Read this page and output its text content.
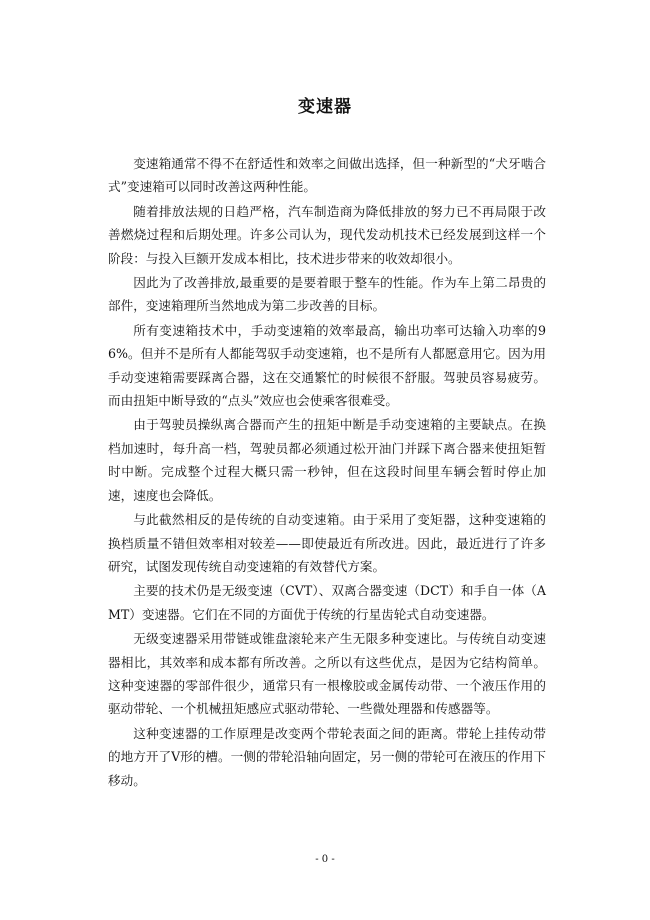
变速器

变速箱通常不得不在舒适性和效率之间做出选择，但一种新型的“犬牙啮合式”变速箱可以同时改善这两种性能。

随着排放法规的日趋严格，汽车制造商为降低排放的努力已不再局限于改善燃烧过程和后期处理。许多公司认为，现代发动机技术已经发展到这样一个阶段：与投入巨额开发成本相比，技术进步带来的收效却很小。

因此为了改善排放,最重要的是要着眼于整车的性能。作为车上第二昂贵的部件，变速箱理所当然地成为第二步改善的目标。

所有变速箱技术中，手动变速箱的效率最高，输出功率可达输入功率的96%。但并不是所有人都能驾驭手动变速箱，也不是所有人都愿意用它。因为用手动变速箱需要踩离合器，这在交通繁忙的时候很不舒服。驾驶员容易疲劳。而由扭矩中断导致的“点头”效应也会使乘客很难受。

由于驾驶员操纵离合器而产生的扭矩中断是手动变速箱的主要缺点。在换档加速时，每升高一档，驾驶员都必须通过松开油门并踩下离合器来使扭矩暂时中断。完成整个过程大概只需一秒钟，但在这段时间里车辆会暂时停止加速，速度也会降低。

与此截然相反的是传统的自动变速箱。由于采用了变矩器，这种变速箱的换档质量不错但效率相对较差——即使最近有所改进。因此，最近进行了许多研究，试图发现传统自动变速箱的有效替代方案。

主要的技术仍是无级变速（CVT）、双离合器变速（DCT）和手自一体（AMT）变速器。它们在不同的方面优于传统的行星齿轮式自动变速器。

无级变速器采用带链或锥盘滚轮来产生无限多种变速比。与传统自动变速器相比，其效率和成本都有所改善。之所以有这些优点，是因为它结构简单。这种变速器的零部件很少，通常只有一根橡胶或金属传动带、一个液压作用的驱动带轮、一个机械扭矩感应式驱动带轮、一些微处理器和传感器等。

这种变速器的工作原理是改变两个带轮表面之间的距离。带轮上挂传动带的地方开了V形的槽。一侧的带轮沿轴向固定，另一侧的带轮可在液压的作用下移动。

- 0 -
